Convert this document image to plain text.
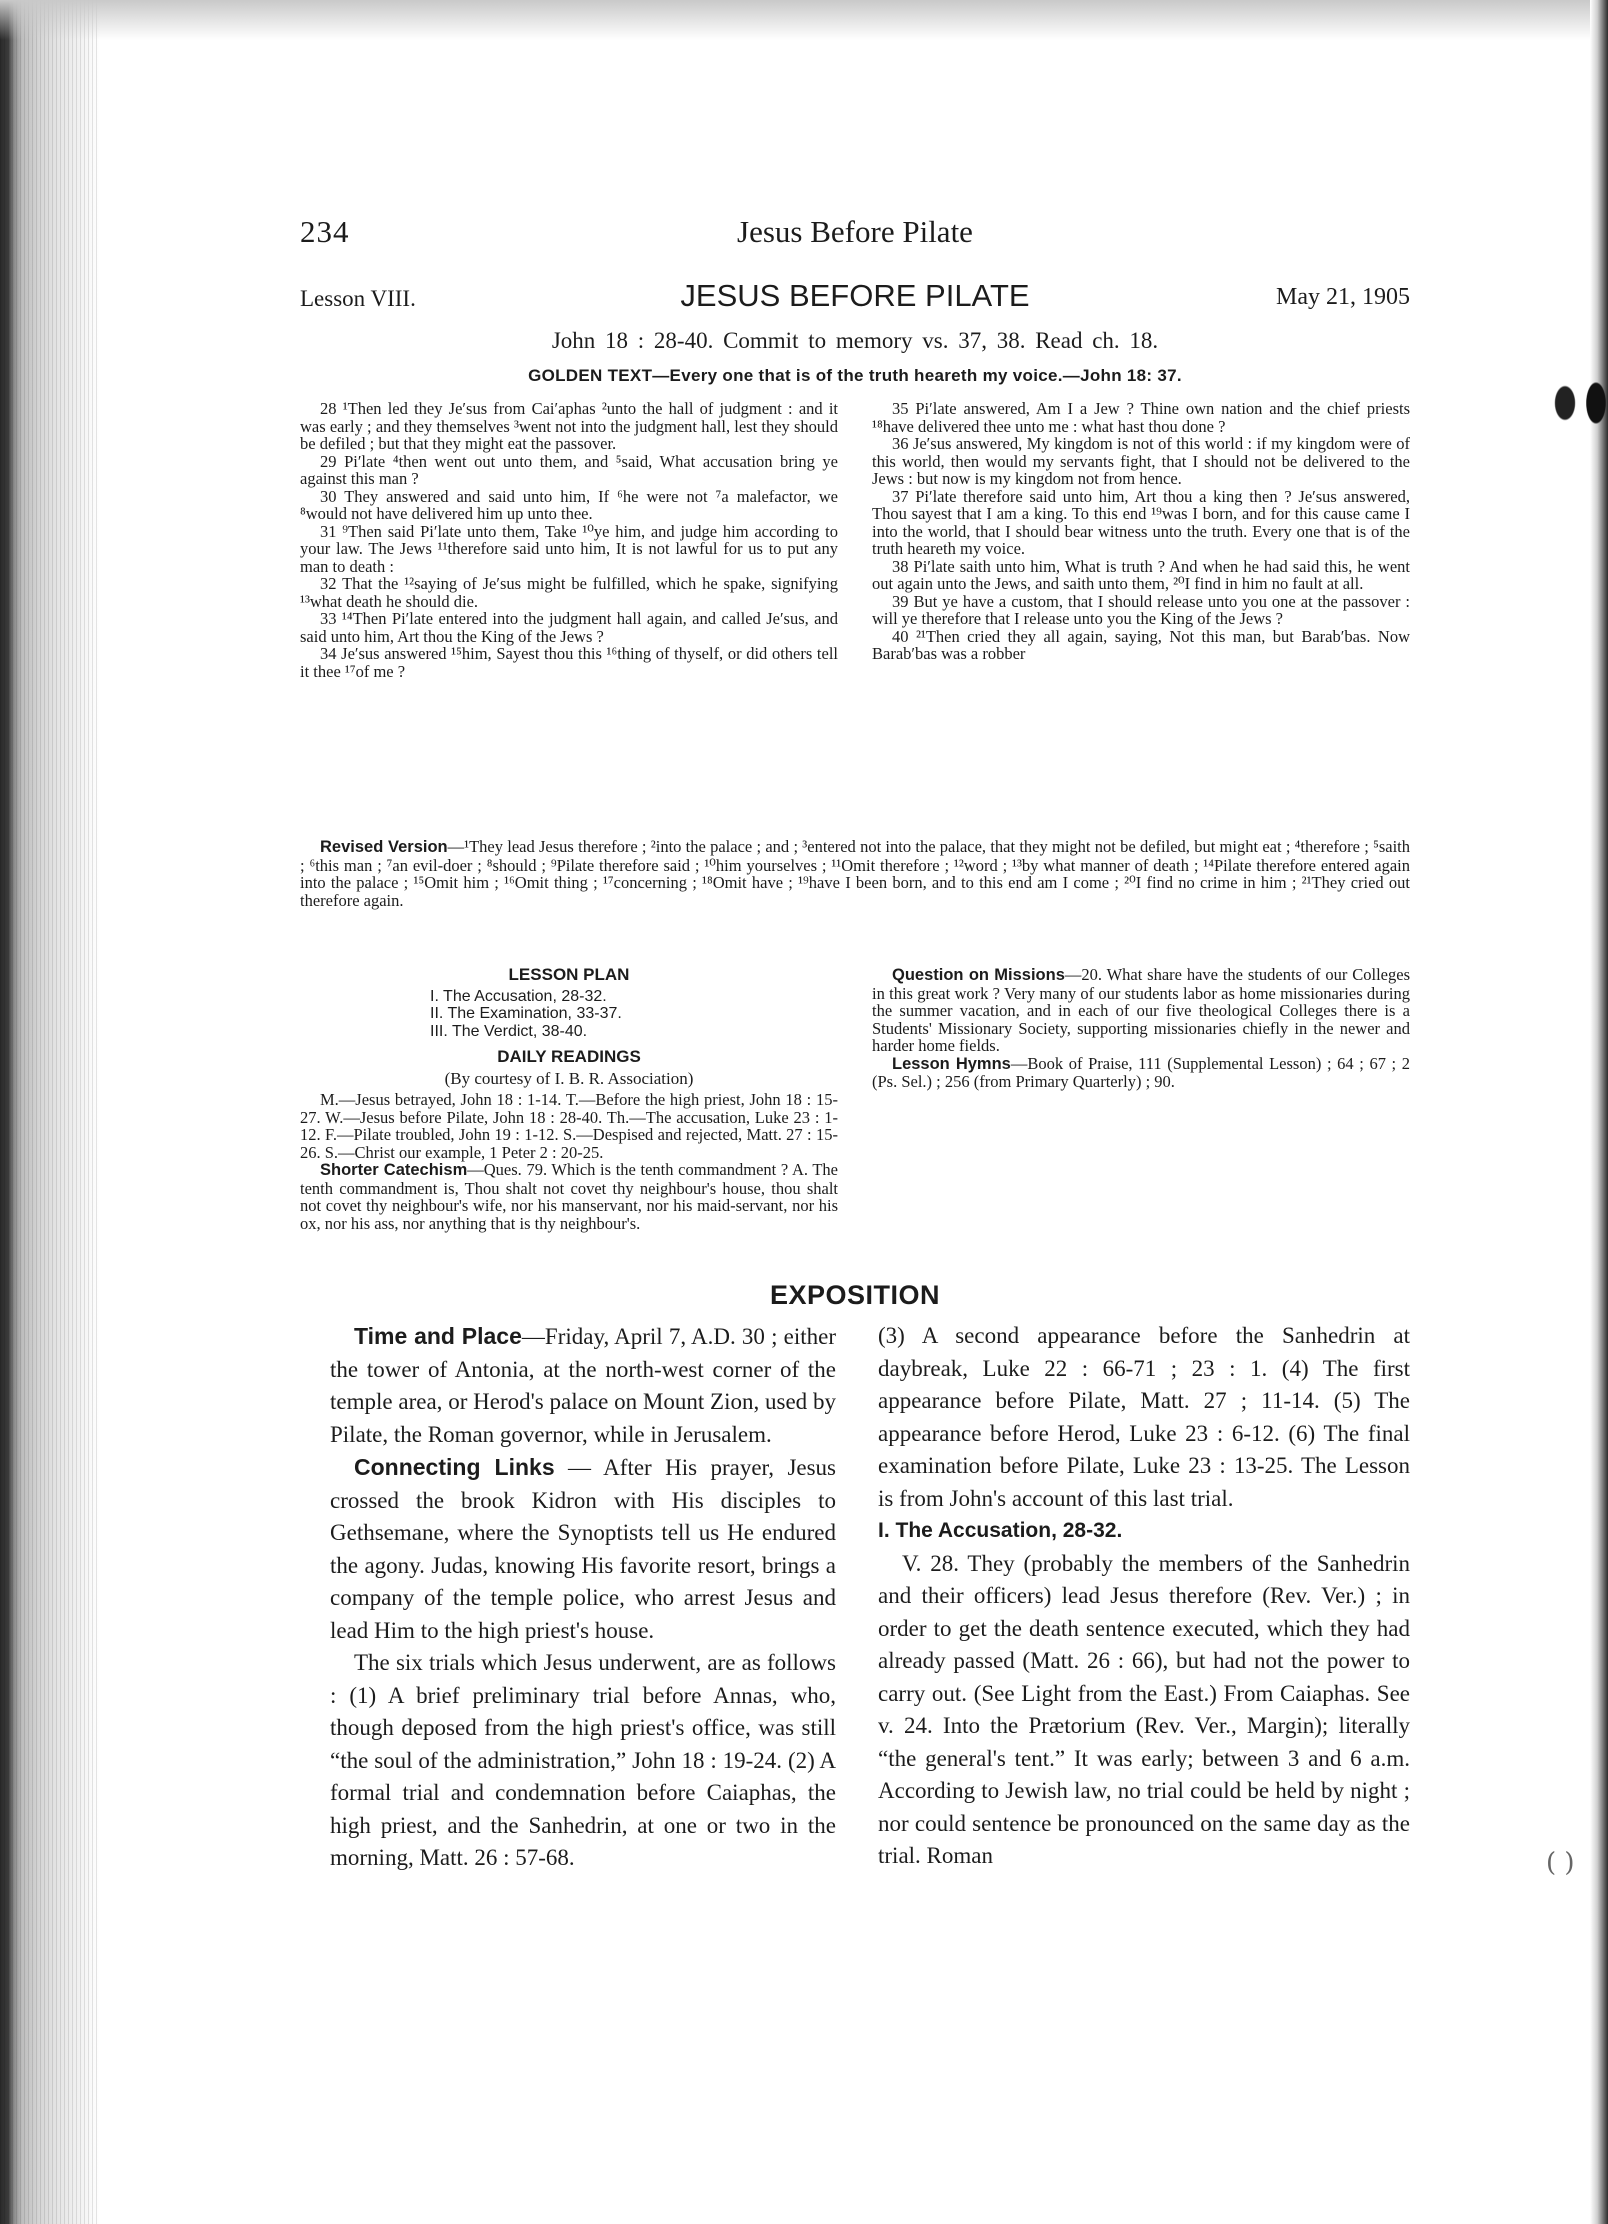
( )
234	Jesus Before Pilate
Lesson VIII.	JESUS BEFORE PILATE	May 21, 1905
John 18 : 28-40. Commit to memory vs. 37, 38. Read ch. 18.
GOLDEN TEXT—Every one that is of the truth heareth my voice.—John 18: 37.

28 ¹Then led they Je′sus from Cai′aphas ²unto the hall of judgment : and it was early ; and they themselves ³went not into the judgment hall, lest they should be defiled ; but that they might eat the passover.

29 Pi′late ⁴then went out unto them, and ⁵said, What accusation bring ye against this man ?

30 They answered and said unto him, If ⁶he were not ⁷a malefactor, we ⁸would not have delivered him up unto thee.

31 ⁹Then said Pi′late unto them, Take ¹⁰ye him, and judge him according to your law. The Jews ¹¹therefore said unto him, It is not lawful for us to put any man to death :

32 That the ¹²saying of Je′sus might be fulfilled, which he spake, signifying ¹³what death he should die.

33 ¹⁴Then Pi′late entered into the judgment hall again, and called Je′sus, and said unto him, Art thou the King of the Jews ?

34 Je′sus answered ¹⁵him, Sayest thou this ¹⁶thing of thyself, or did others tell it thee ¹⁷of me ?

35 Pi′late answered, Am I a Jew ? Thine own nation and the chief priests ¹⁸have delivered thee unto me : what hast thou done ?

36 Je′sus answered, My kingdom is not of this world : if my kingdom were of this world, then would my servants fight, that I should not be delivered to the Jews : but now is my kingdom not from hence.

37 Pi′late therefore said unto him, Art thou a king then ? Je′sus answered, Thou sayest that I am a king. To this end ¹⁹was I born, and for this cause came I into the world, that I should bear witness unto the truth. Every one that is of the truth heareth my voice.

38 Pi′late saith unto him, What is truth ? And when he had said this, he went out again unto the Jews, and saith unto them, ²⁰I find in him no fault at all.

39 But ye have a custom, that I should release unto you one at the passover : will ye therefore that I release unto you the King of the Jews ?

40 ²¹Then cried they all again, saying, Not this man, but Barab′bas. Now Barab′bas was a robber

Revised Version—¹They lead Jesus therefore ; ²into the palace ; and ; ³entered not into the palace, that they might not be defiled, but might eat ; ⁴therefore ; ⁵saith ; ⁶this man ; ⁷an evil-doer ; ⁸should ; ⁹Pilate therefore said ; ¹⁰him yourselves ; ¹¹Omit therefore ; ¹²word ; ¹³by what manner of death ; ¹⁴Pilate therefore entered again into the palace ; ¹⁵Omit him ; ¹⁶Omit thing ; ¹⁷concerning ; ¹⁸Omit have ; ¹⁹have I been born, and to this end am I come ; ²⁰I find no crime in him ; ²¹They cried out therefore again.
LESSON PLAN
I. The Accusation, 28-32.
II. The Examination, 33-37.
III. The Verdict, 38-40.
DAILY READINGS
(By courtesy of I. B. R. Association)

M.—Jesus betrayed, John 18 : 1-14. T.—Before the high priest, John 18 : 15-27. W.—Jesus before Pilate, John 18 : 28-40. Th.—The accusation, Luke 23 : 1-12. F.—Pilate troubled, John 19 : 1-12. S.—Despised and rejected, Matt. 27 : 15-26. S.—Christ our example, 1 Peter 2 : 20-25.

Shorter Catechism—Ques. 79. Which is the tenth commandment ? A. The tenth commandment is, Thou shalt not covet thy neighbour's house, thou shalt not covet thy neighbour's wife, nor his manservant, nor his maid-servant, nor his ox, nor his ass, nor anything that is thy neighbour's.

Question on Missions—20. What share have the students of our Colleges in this great work ? Very many of our students labor as home missionaries during the summer vacation, and in each of our five theological Colleges there is a Students' Missionary Society, supporting missionaries chiefly in the newer and harder home fields.

Lesson Hymns—Book of Praise, 111 (Supplemental Lesson) ; 64 ; 67 ; 2 (Ps. Sel.) ; 256 (from Primary Quarterly) ; 90.

EXPOSITION

Time and Place—Friday, April 7, A.D. 30 ; either the tower of Antonia, at the north-west corner of the temple area, or Herod's palace on Mount Zion, used by Pilate, the Roman governor, while in Jerusalem.

Connecting Links — After His prayer, Jesus crossed the brook Kidron with His disciples to Gethsemane, where the Synoptists tell us He endured the agony. Judas, knowing His favorite resort, brings a company of the temple police, who arrest Jesus and lead Him to the high priest's house.

The six trials which Jesus underwent, are as follows : (1) A brief preliminary trial before Annas, who, though deposed from the high priest's office, was still “the soul of the administration,” John 18 : 19-24. (2) A formal trial and condemnation before Caiaphas, the high priest, and the Sanhedrin, at one or two in the morning, Matt. 26 : 57-68.

(3) A second appearance before the Sanhedrin at daybreak, Luke 22 : 66-71 ; 23 : 1. (4) The first appearance before Pilate, Matt. 27 ; 11-14. (5) The appearance before Herod, Luke 23 : 6-12. (6) The final examination before Pilate, Luke 23 : 13-25. The Lesson is from John's account of this last trial.

I. The Accusation, 28-32.

V. 28. They (probably the members of the Sanhedrin and their officers) lead Jesus therefore (Rev. Ver.) ; in order to get the death sentence executed, which they had already passed (Matt. 26 : 66), but had not the power to carry out. (See Light from the East.) From Caiaphas. See v. 24. Into the Prætorium (Rev. Ver., Margin); literally “the general's tent.” It was early; between 3 and 6 a.m. According to Jewish law, no trial could be held by night ; nor could sentence be pronounced on the same day as the trial. Roman
